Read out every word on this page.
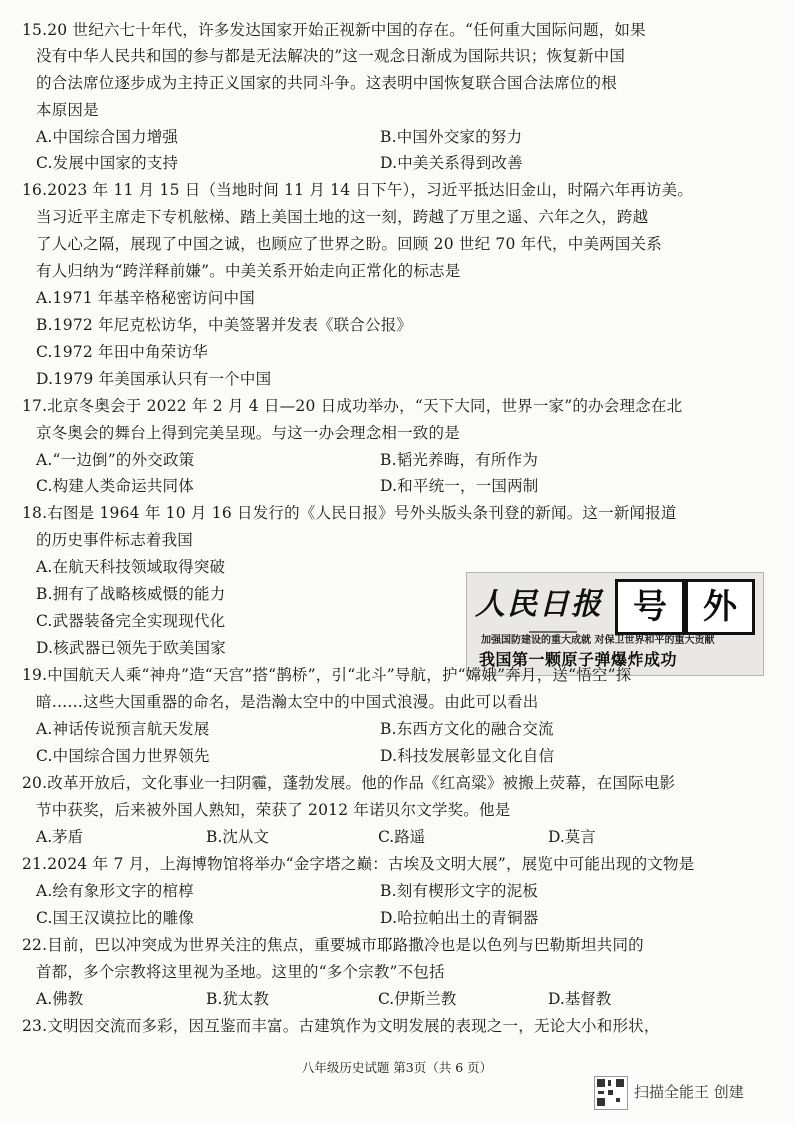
15.20 世纪六七十年代，许多发达国家开始正视新中国的存在。“任何重大国际问题，如果
没有中华人民共和国的参与都是无法解决的”这一观念日渐成为国际共识；恢复新中国
的合法席位逐步成为主持正义国家的共同斗争。这表明中国恢复联合国合法席位的根
本原因是
A.中国综合国力增强	B.中国外交家的努力
C.发展中国家的支持	D.中美关系得到改善
16.2023 年 11 月 15 日（当地时间 11 月 14 日下午），习近平抵达旧金山，时隔六年再访美。
当习近平主席走下专机舷梯、踏上美国土地的这一刻，跨越了万里之遥、六年之久，跨越
了人心之隔，展现了中国之诚，也顾应了世界之盼。回顾 20 世纪 70 年代，中美两国关系
有人归纳为“跨洋释前嫌”。中美关系开始走向正常化的标志是
A.1971 年基辛格秘密访问中国
B.1972 年尼克松访华，中美签署并发表《联合公报》
C.1972 年田中角荣访华
D.1979 年美国承认只有一个中国
17.北京冬奥会于 2022 年 2 月 4 日—20 日成功举办，“天下大同，世界一家”的办会理念在北
京冬奥会的舞台上得到完美呈现。与这一办会理念相一致的是
A.“一边倒”的外交政策	B.韬光养晦，有所作为
C.构建人类命运共同体	D.和平统一，一国两制
18.右图是 1964 年 10 月 16 日发行的《人民日报》号外头版头条刊登的新闻。这一新闻报道
的历史事件标志着我国
A.在航天科技领域取得突破
B.拥有了战略核威慑的能力
C.武器装备完全实现现代化
D.核武器已领先于欧美国家
人民日报 号	外
加强国防建设的重大成就 对保卫世界和平的重大贡献
我国第一颗原子弹爆炸成功
19.中国航天人乘“神舟”造“天宫”搭“鹊桥”，引“北斗”导航，护“嫦娥”奔月，送“悟空”探
暗……这些大国重器的命名，是浩瀚太空中的中国式浪漫。由此可以看出
A.神话传说预言航天发展	B.东西方文化的融合交流
C.中国综合国力世界领先	D.科技发展彰显文化自信
20.改革开放后，文化事业一扫阴霾，蓬勃发展。他的作品《红高粱》被搬上荧幕，在国际电影
节中获奖，后来被外国人熟知，荣获了 2012 年诺贝尔文学奖。他是
A.茅盾	B.沈从文	C.路遥	D.莫言
21.2024 年 7 月，上海博物馆将举办“金字塔之巅：古埃及文明大展”，展览中可能出现的文物是
A.绘有象形文字的棺椁	B.刻有楔形文字的泥板
C.国王汉谟拉比的雕像	D.哈拉帕出土的青铜器
22.目前，巴以冲突成为世界关注的焦点，重要城市耶路撒冷也是以色列与巴勒斯坦共同的
首都，多个宗教将这里视为圣地。这里的“多个宗教”不包括
A.佛教	B.犹太教	C.伊斯兰教	D.基督教
23.文明因交流而多彩，因互鉴而丰富。古建筑作为文明发展的表现之一，无论大小和形状，
八年级历史试题 第3页（共 6 页）
扫描全能王 创建
